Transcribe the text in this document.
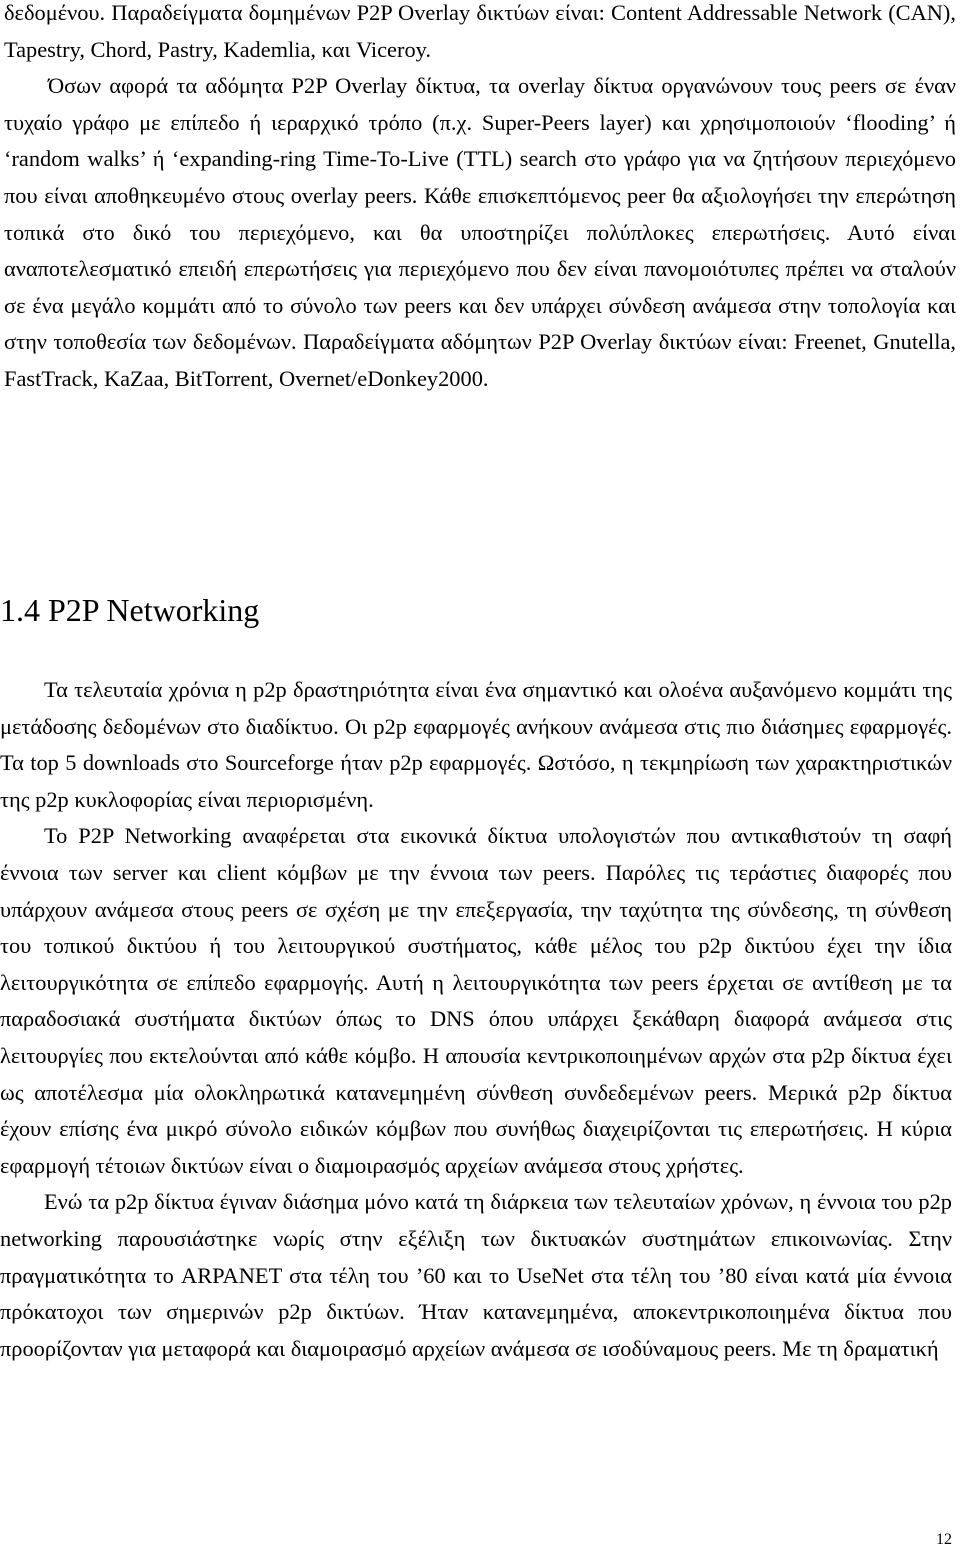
δεδομένου. Παραδείγματα δομημένων P2P Overlay δικτύων είναι: Content Addressable Network (CAN), Tapestry, Chord, Pastry, Kademlia, και Viceroy.

Όσων αφορά τα αδόμητα P2P Overlay δίκτυα, τα overlay δίκτυα οργανώνουν τους peers σε έναν τυχαίο γράφο με επίπεδο ή ιεραρχικό τρόπο (π.χ. Super-Peers layer) και χρησιμοποιούν ‘flooding’ ή ‘random walks’ ή ‘expanding-ring Time-To-Live (TTL) search στο γράφο για να ζητήσουν περιεχόμενο που είναι αποθηκευμένο στους overlay peers. Κάθε επισκεπτόμενος peer θα αξιολογήσει την επερώτηση τοπικά στο δικό του περιεχόμενο, και θα υποστηρίζει πολύπλοκες επερωτήσεις. Αυτό είναι αναποτελεσματικό επειδή επερωτήσεις για περιεχόμενο που δεν είναι πανομοιότυπες πρέπει να σταλούν σε ένα μεγάλο κομμάτι από το σύνολο των peers και δεν υπάρχει σύνδεση ανάμεσα στην τοπολογία και στην τοποθεσία των δεδομένων. Παραδείγματα αδόμητων P2P Overlay δικτύων είναι: Freenet, Gnutella, FastTrack, KaZaa, BitTorrent, Overnet/eDonkey2000.

1.4 P2P Networking

Τα τελευταία χρόνια η p2p δραστηριότητα είναι ένα σημαντικό και ολοένα αυξανόμενο κομμάτι της μετάδοσης δεδομένων στο διαδίκτυο. Οι p2p εφαρμογές ανήκουν ανάμεσα στις πιο διάσημες εφαρμογές. Τα top 5 downloads στο Sourceforge ήταν p2p εφαρμογές. Ωστόσο, η τεκμηρίωση των χαρακτηριστικών της p2p κυκλοφορίας είναι περιορισμένη.

Το P2P Networking αναφέρεται στα εικονικά δίκτυα υπολογιστών που αντικαθιστούν τη σαφή έννοια των server και client κόμβων με την έννοια των peers. Παρόλες τις τεράστιες διαφορές που υπάρχουν ανάμεσα στους peers σε σχέση με την επεξεργασία, την ταχύτητα της σύνδεσης, τη σύνθεση του τοπικού δικτύου ή του λειτουργικού συστήματος, κάθε μέλος του p2p δικτύου έχει την ίδια λειτουργικότητα σε επίπεδο εφαρμογής. Αυτή η λειτουργικότητα των peers έρχεται σε αντίθεση με τα παραδοσιακά συστήματα δικτύων όπως το DNS όπου υπάρχει ξεκάθαρη διαφορά ανάμεσα στις λειτουργίες που εκτελούνται από κάθε κόμβο. Η απουσία κεντρικοποιημένων αρχών στα p2p δίκτυα έχει ως αποτέλεσμα μία ολοκληρωτικά κατανεμημένη σύνθεση συνδεδεμένων peers. Μερικά p2p δίκτυα έχουν επίσης ένα μικρό σύνολο ειδικών κόμβων που συνήθως διαχειρίζονται τις επερωτήσεις. Η κύρια εφαρμογή τέτοιων δικτύων είναι ο διαμοιρασμός αρχείων ανάμεσα στους χρήστες.

Ενώ τα p2p δίκτυα έγιναν διάσημα μόνο κατά τη διάρκεια των τελευταίων χρόνων, η έννοια του p2p networking παρουσιάστηκε νωρίς στην εξέλιξη των δικτυακών συστημάτων επικοινωνίας. Στην πραγματικότητα το ARPANET στα τέλη του ’60 και το UseNet στα τέλη του ’80 είναι κατά μία έννοια πρόκατοχοι των σημερινών p2p δικτύων. Ήταν κατανεμημένα, αποκεντρικοποιημένα δίκτυα που προορίζονταν για μεταφορά και διαμοιρασμό αρχείων ανάμεσα σε ισοδύναμους peers. Με τη δραματική

12
